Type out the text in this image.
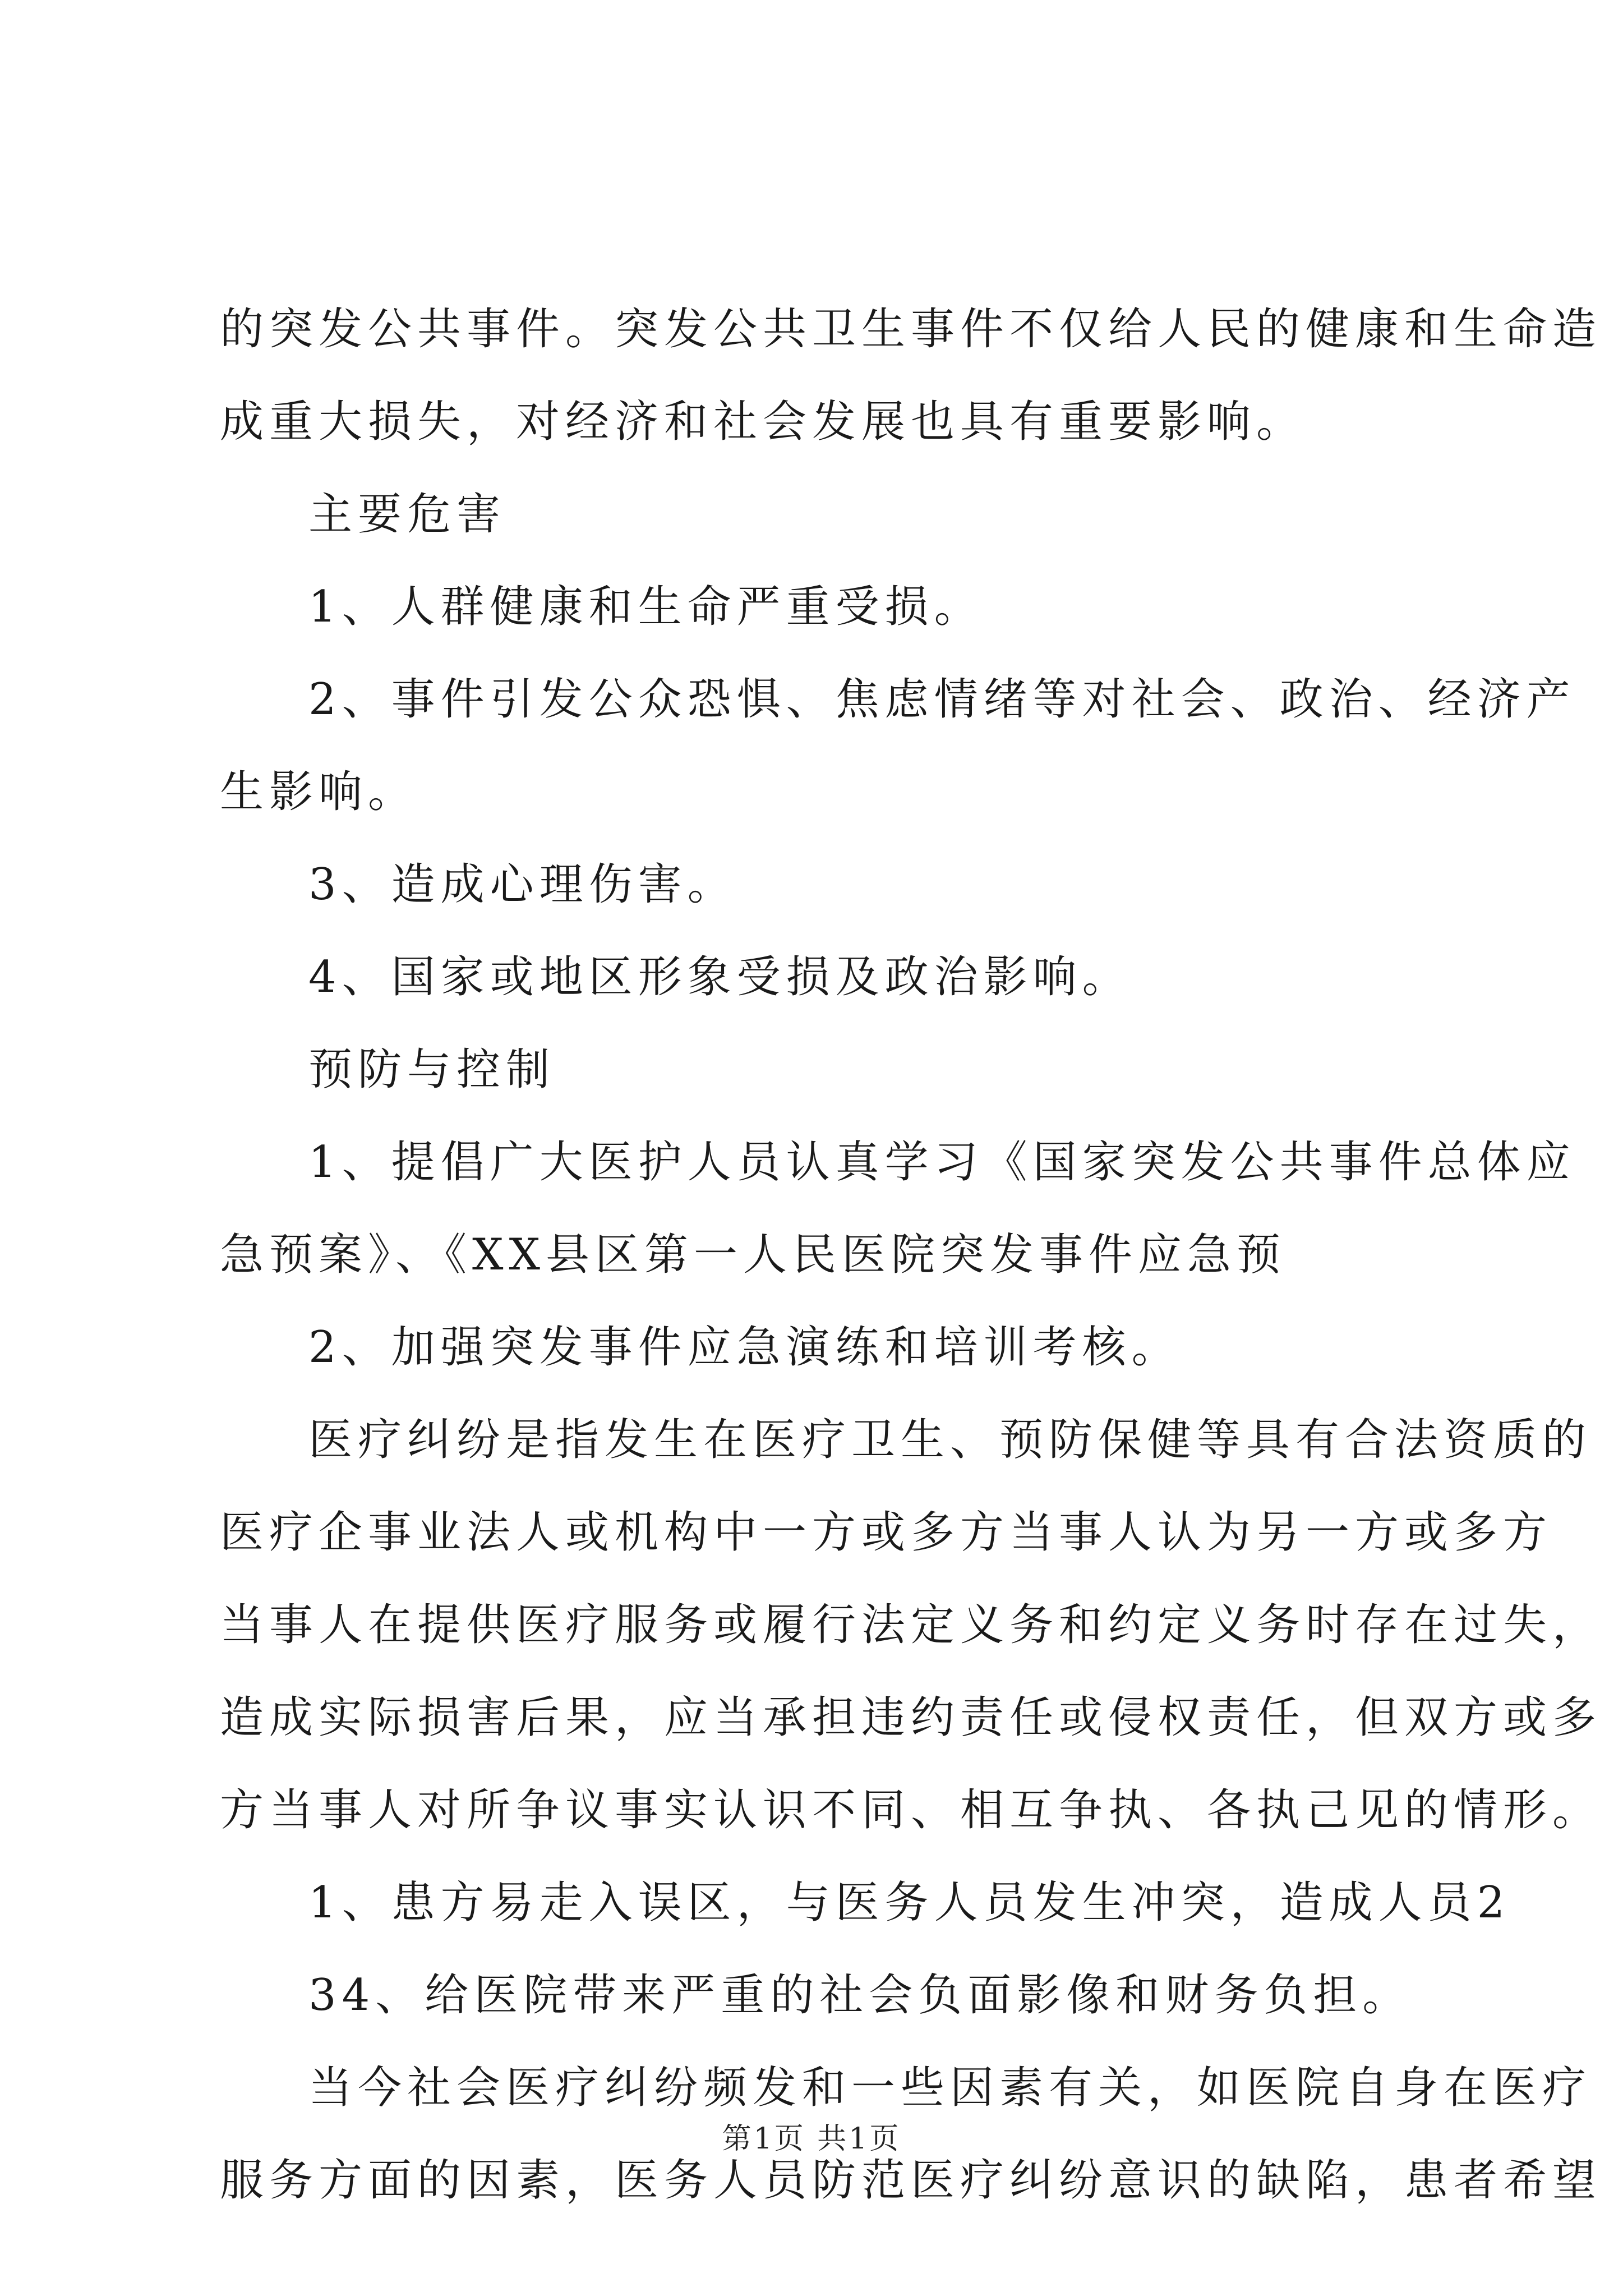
的突发公共事件。突发公共卫生事件不仅给人民的健康和生命造
成重大损失，对经济和社会发展也具有重要影响。
主要危害
1、人群健康和生命严重受损。
2、事件引发公众恐惧、焦虑情绪等对社会、政治、经济产
生影响。
3、造成心理伤害。
4、国家或地区形象受损及政治影响。
预防与控制
1、提倡广大医护人员认真学习《国家突发公共事件总体应
急预案》、《XX县区第一人民医院突发事件应急预
2、加强突发事件应急演练和培训考核。
医疗纠纷是指发生在医疗卫生、预防保健等具有合法资质的
医疗企事业法人或机构中一方或多方当事人认为另一方或多方
当事人在提供医疗服务或履行法定义务和约定义务时存在过失，
造成实际损害后果，应当承担违约责任或侵权责任，但双方或多
方当事人对所争议事实认识不同、相互争执、各执己见的情形。
1、患方易走入误区，与医务人员发生冲突，造成人员2
34、给医院带来严重的社会负面影像和财务负担。
当今社会医疗纠纷频发和一些因素有关，如医院自身在医疗
服务方面的因素，医务人员防范医疗纠纷意识的缺陷，患者希望
第1页 共1页
